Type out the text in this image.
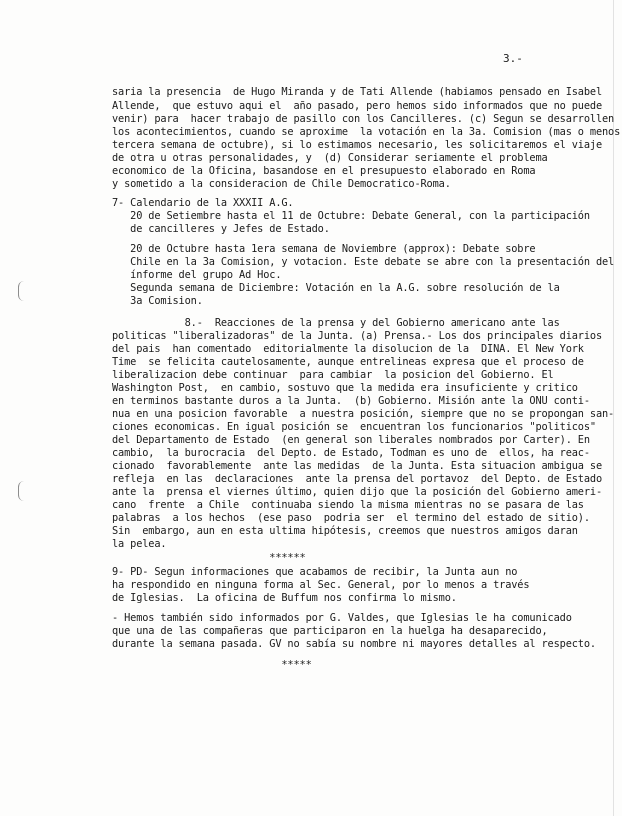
3.-
saria la presencia  de Hugo Miranda y de Tati Allende (habiamos pensado en Isabel
Allende,  que estuvo aqui el  año pasado, pero hemos sido informados que no puede
venir) para  hacer trabajo de pasillo con los Cancilleres. (c) Segun se desarrollen
los acontecimientos, cuando se aproxime  la votación en la 3a. Comision (mas o menos
tercera semana de octubre), si lo estimamos necesario, les solicitaremos el viaje
de otra u otras personalidades, y  (d) Considerar seriamente el problema
economico de la Oficina, basandose en el presupuesto elaborado en Roma
y sometido a la consideracion de Chile Democratico-Roma.
7- Calendario de la XXXII A.G.
20 de Setiembre hasta el 11 de Octubre: Debate General, con la participación
de cancilleres y Jefes de Estado.
20 de Octubre hasta 1era semana de Noviembre (approx): Debate sobre
Chile en la 3a Comision, y votacion. Este debate se abre con la presentación del
ínforme del grupo Ad Hoc.
Segunda semana de Diciembre: Votación en la A.G. sobre resolución de la
3a Comision.
8.-  Reacciones de la prensa y del Gobierno americano ante las
politicas "liberalizadoras" de la Junta. (a) Prensa.- Los dos principales diarios
del pais  han comentado  editorialmente la disolucion de la  DINA. El New York
Time  se felicita cautelosamente, aunque entrelineas expresa que el proceso de
liberalizacion debe continuar  para cambiar  la posicion del Gobierno. El
Washington Post,  en cambio, sostuvo que la medida era insuficiente y critico
en terminos bastante duros a la Junta.  (b) Gobierno. Misión ante la ONU conti-
nua en una posicion favorable  a nuestra posición, siempre que no se propongan san-
ciones economicas. En igual posición se  encuentran los funcionarios "politicos"
del Departamento de Estado  (en general son liberales nombrados por Carter). En
cambio,  la burocracia  del Depto. de Estado, Todman es uno de  ellos, ha reac-
cionado  favorablemente  ante las medidas  de la Junta. Esta situacion ambigua se
refleja  en las  declaraciones  ante la prensa del portavoz  del Depto. de Estado
ante la  prensa el viernes último, quien dijo que la posición del Gobierno ameri-
cano  frente  a Chile  continuaba siendo la misma mientras no se pasara de las
palabras  a los hechos  (ese paso  podria ser  el termino del estado de sitio).
Sin  embargo, aun en esta ultima hipótesis, creemos que nuestros amigos daran
la pelea.
******
9- PD- Segun informaciones que acabamos de recibir, la Junta aun no
ha respondido en ninguna forma al Sec. General, por lo menos a través
de Iglesias.  La oficina de Buffum nos confirma lo mismo.
- Hemos también sido informados por G. Valdes, que Iglesias le ha comunicado
que una de las compañeras que participaron en la huelga ha desaparecido,
durante la semana pasada. GV no sabía su nombre ni mayores detalles al respecto.
*****
